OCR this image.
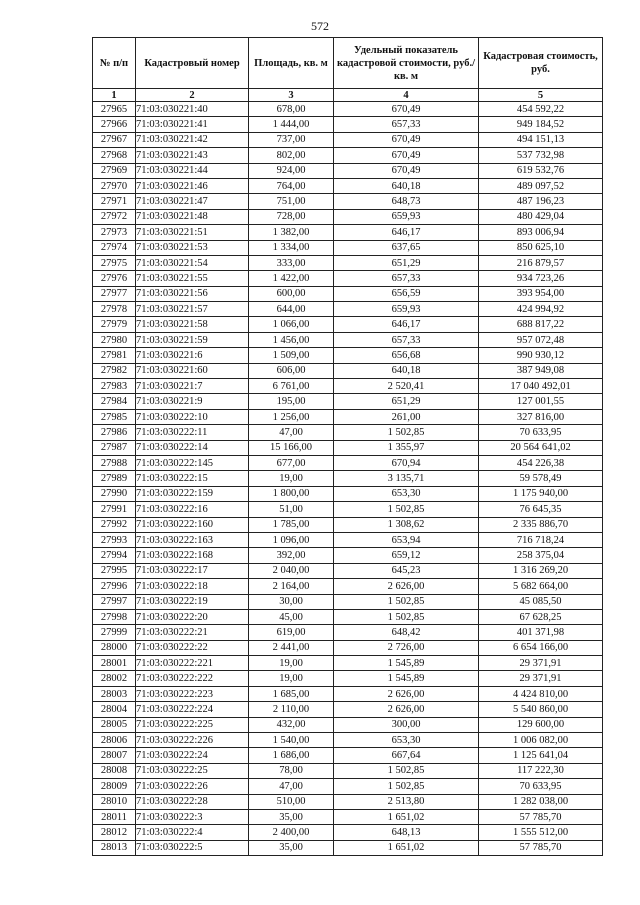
572
№ п/п	Кадастровый номер	Площадь, кв. м	Удельный показатель кадастровой стоимости, руб./кв. м	Кадастровая стоимость, руб.
1	2	3	4	5
27965	71:03:030221:40	678,00	670,49	454 592,22
27966	71:03:030221:41	1 444,00	657,33	949 184,52
27967	71:03:030221:42	737,00	670,49	494 151,13
27968	71:03:030221:43	802,00	670,49	537 732,98
27969	71:03:030221:44	924,00	670,49	619 532,76
27970	71:03:030221:46	764,00	640,18	489 097,52
27971	71:03:030221:47	751,00	648,73	487 196,23
27972	71:03:030221:48	728,00	659,93	480 429,04
27973	71:03:030221:51	1 382,00	646,17	893 006,94
27974	71:03:030221:53	1 334,00	637,65	850 625,10
27975	71:03:030221:54	333,00	651,29	216 879,57
27976	71:03:030221:55	1 422,00	657,33	934 723,26
27977	71:03:030221:56	600,00	656,59	393 954,00
27978	71:03:030221:57	644,00	659,93	424 994,92
27979	71:03:030221:58	1 066,00	646,17	688 817,22
27980	71:03:030221:59	1 456,00	657,33	957 072,48
27981	71:03:030221:6	1 509,00	656,68	990 930,12
27982	71:03:030221:60	606,00	640,18	387 949,08
27983	71:03:030221:7	6 761,00	2 520,41	17 040 492,01
27984	71:03:030221:9	195,00	651,29	127 001,55
27985	71:03:030222:10	1 256,00	261,00	327 816,00
27986	71:03:030222:11	47,00	1 502,85	70 633,95
27987	71:03:030222:14	15 166,00	1 355,97	20 564 641,02
27988	71:03:030222:145	677,00	670,94	454 226,38
27989	71:03:030222:15	19,00	3 135,71	59 578,49
27990	71:03:030222:159	1 800,00	653,30	1 175 940,00
27991	71:03:030222:16	51,00	1 502,85	76 645,35
27992	71:03:030222:160	1 785,00	1 308,62	2 335 886,70
27993	71:03:030222:163	1 096,00	653,94	716 718,24
27994	71:03:030222:168	392,00	659,12	258 375,04
27995	71:03:030222:17	2 040,00	645,23	1 316 269,20
27996	71:03:030222:18	2 164,00	2 626,00	5 682 664,00
27997	71:03:030222:19	30,00	1 502,85	45 085,50
27998	71:03:030222:20	45,00	1 502,85	67 628,25
27999	71:03:030222:21	619,00	648,42	401 371,98
28000	71:03:030222:22	2 441,00	2 726,00	6 654 166,00
28001	71:03:030222:221	19,00	1 545,89	29 371,91
28002	71:03:030222:222	19,00	1 545,89	29 371,91
28003	71:03:030222:223	1 685,00	2 626,00	4 424 810,00
28004	71:03:030222:224	2 110,00	2 626,00	5 540 860,00
28005	71:03:030222:225	432,00	300,00	129 600,00
28006	71:03:030222:226	1 540,00	653,30	1 006 082,00
28007	71:03:030222:24	1 686,00	667,64	1 125 641,04
28008	71:03:030222:25	78,00	1 502,85	117 222,30
28009	71:03:030222:26	47,00	1 502,85	70 633,95
28010	71:03:030222:28	510,00	2 513,80	1 282 038,00
28011	71:03:030222:3	35,00	1 651,02	57 785,70
28012	71:03:030222:4	2 400,00	648,13	1 555 512,00
28013	71:03:030222:5	35,00	1 651,02	57 785,70
